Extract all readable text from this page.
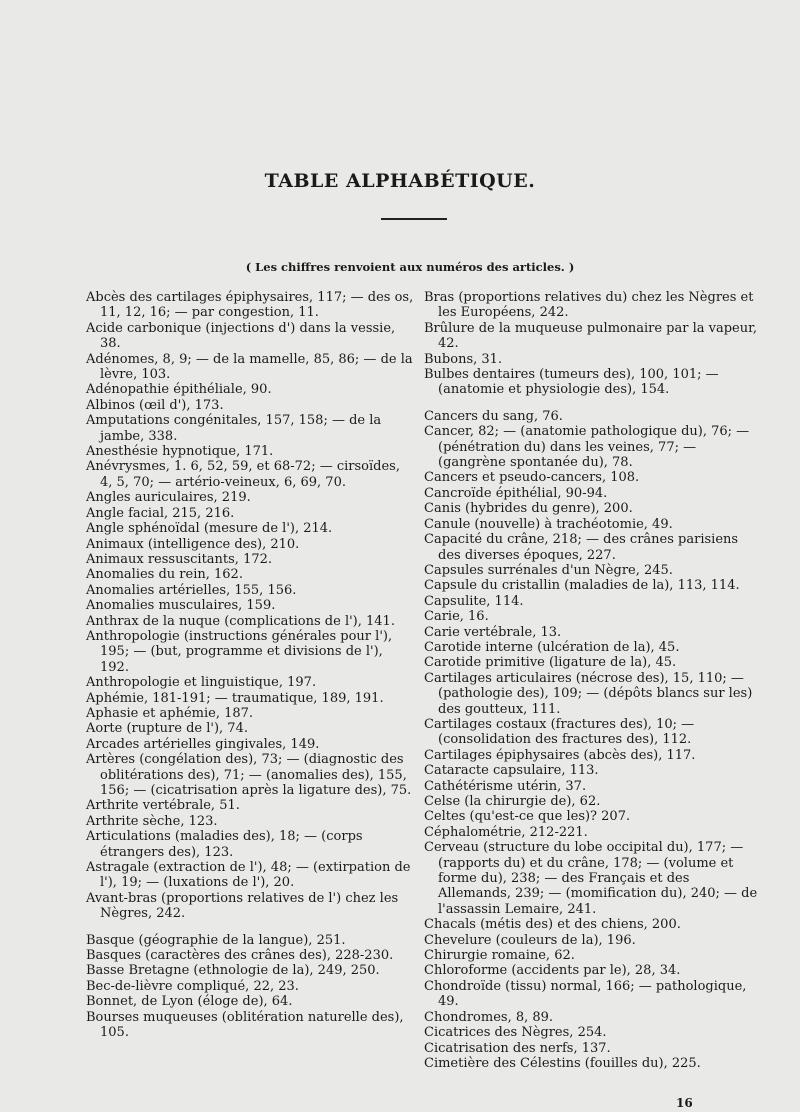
TABLE ALPHABÉTIQUE.
( Les chiffres renvoient aux numéros des articles. )
Abcès des cartilages épiphysaires, 117; — des os, 11, 12, 16; — par congestion, 11.
Acide carbonique (injections d') dans la vessie, 38.
Adénomes, 8, 9; — de la mamelle, 85, 86; — de la lèvre, 103.
Adénopathie épithéliale, 90.
Albinos (œil d'), 173.
Amputations congénitales, 157, 158; — de la jambe, 338.
Anesthésie hypnotique, 171.
Anévrysmes, 1. 6, 52, 59, et 68-72; — cirsoïdes, 4, 5, 70; — artério-veineux, 6, 69, 70.
Angles auriculaires, 219.
Angle facial, 215, 216.
Angle sphénoïdal (mesure de l'), 214.
Animaux (intelligence des), 210.
Animaux ressuscitants, 172.
Anomalies du rein, 162.
Anomalies artérielles, 155, 156.
Anomalies musculaires, 159.
Anthrax de la nuque (complications de l'), 141.
Anthropologie (instructions générales pour l'), 195; — (but, programme et divisions de l'), 192.
Anthropologie et linguistique, 197.
Aphémie, 181-191; — traumatique, 189, 191.
Aphasie et aphémie, 187.
Aorte (rupture de l'), 74.
Arcades artérielles gingivales, 149.
Artères (congélation des), 73; — (diagnostic des oblitérations des), 71; — (anomalies des), 155, 156; — (cicatrisation après la ligature des), 75.
Arthrite vertébrale, 51.
Arthrite sèche, 123.
Articulations (maladies des), 18; — (corps étrangers des), 123.
Astragale (extraction de l'), 48; — (extirpation de l'), 19; — (luxations de l'), 20.
Avant-bras (proportions relatives de l') chez les Nègres, 242.
Basque (géographie de la langue), 251.
Basques (caractères des crânes des), 228-230.
Basse Bretagne (ethnologie de la), 249, 250.
Bec-de-lièvre compliqué, 22, 23.
Bonnet, de Lyon (éloge de), 64.
Bourses muqueuses (oblitération naturelle des), 105.
Bras (proportions relatives du) chez les Nègres et les Européens, 242.
Brûlure de la muqueuse pulmonaire par la vapeur, 42.
Bubons, 31.
Bulbes dentaires (tumeurs des), 100, 101; — (anatomie et physiologie des), 154.
Cancers du sang, 76.
Cancer, 82; — (anatomie pathologique du), 76; — (pénétration du) dans les veines, 77; — (gangrène spontanée du), 78.
Cancers et pseudo-cancers, 108.
Cancroïde épithélial, 90-94.
Canis (hybrides du genre), 200.
Canule (nouvelle) à trachéotomie, 49.
Capacité du crâne, 218; — des crânes parisiens des diverses époques, 227.
Capsules surrénales d'un Nègre, 245.
Capsule du cristallin (maladies de la), 113, 114.
Capsulite, 114.
Carie, 16.
Carie vertébrale, 13.
Carotide interne (ulcération de la), 45.
Carotide primitive (ligature de la), 45.
Cartilages articulaires (nécrose des), 15, 110; — (pathologie des), 109; — (dépôts blancs sur les) des goutteux, 111.
Cartilages costaux (fractures des), 10; — (consolidation des fractures des), 112.
Cartilages épiphysaires (abcès des), 117.
Cataracte capsulaire, 113.
Cathétérisme utérin, 37.
Celse (la chirurgie de), 62.
Celtes (qu'est-ce que les)? 207.
Céphalométrie, 212-221.
Cerveau (structure du lobe occipital du), 177; — (rapports du) et du crâne, 178; — (volume et forme du), 238; — des Français et des Allemands, 239; — (momification du), 240; — de l'assassin Lemaire, 241.
Chacals (métis des) et des chiens, 200.
Chevelure (couleurs de la), 196.
Chirurgie romaine, 62.
Chloroforme (accidents par le), 28, 34.
Chondroïde (tissu) normal, 166; — pathologique, 49.
Chondromes, 8, 89.
Cicatrices des Nègres, 254.
Cicatrisation des nerfs, 137.
Cimetière des Célestins (fouilles du), 225.
16
